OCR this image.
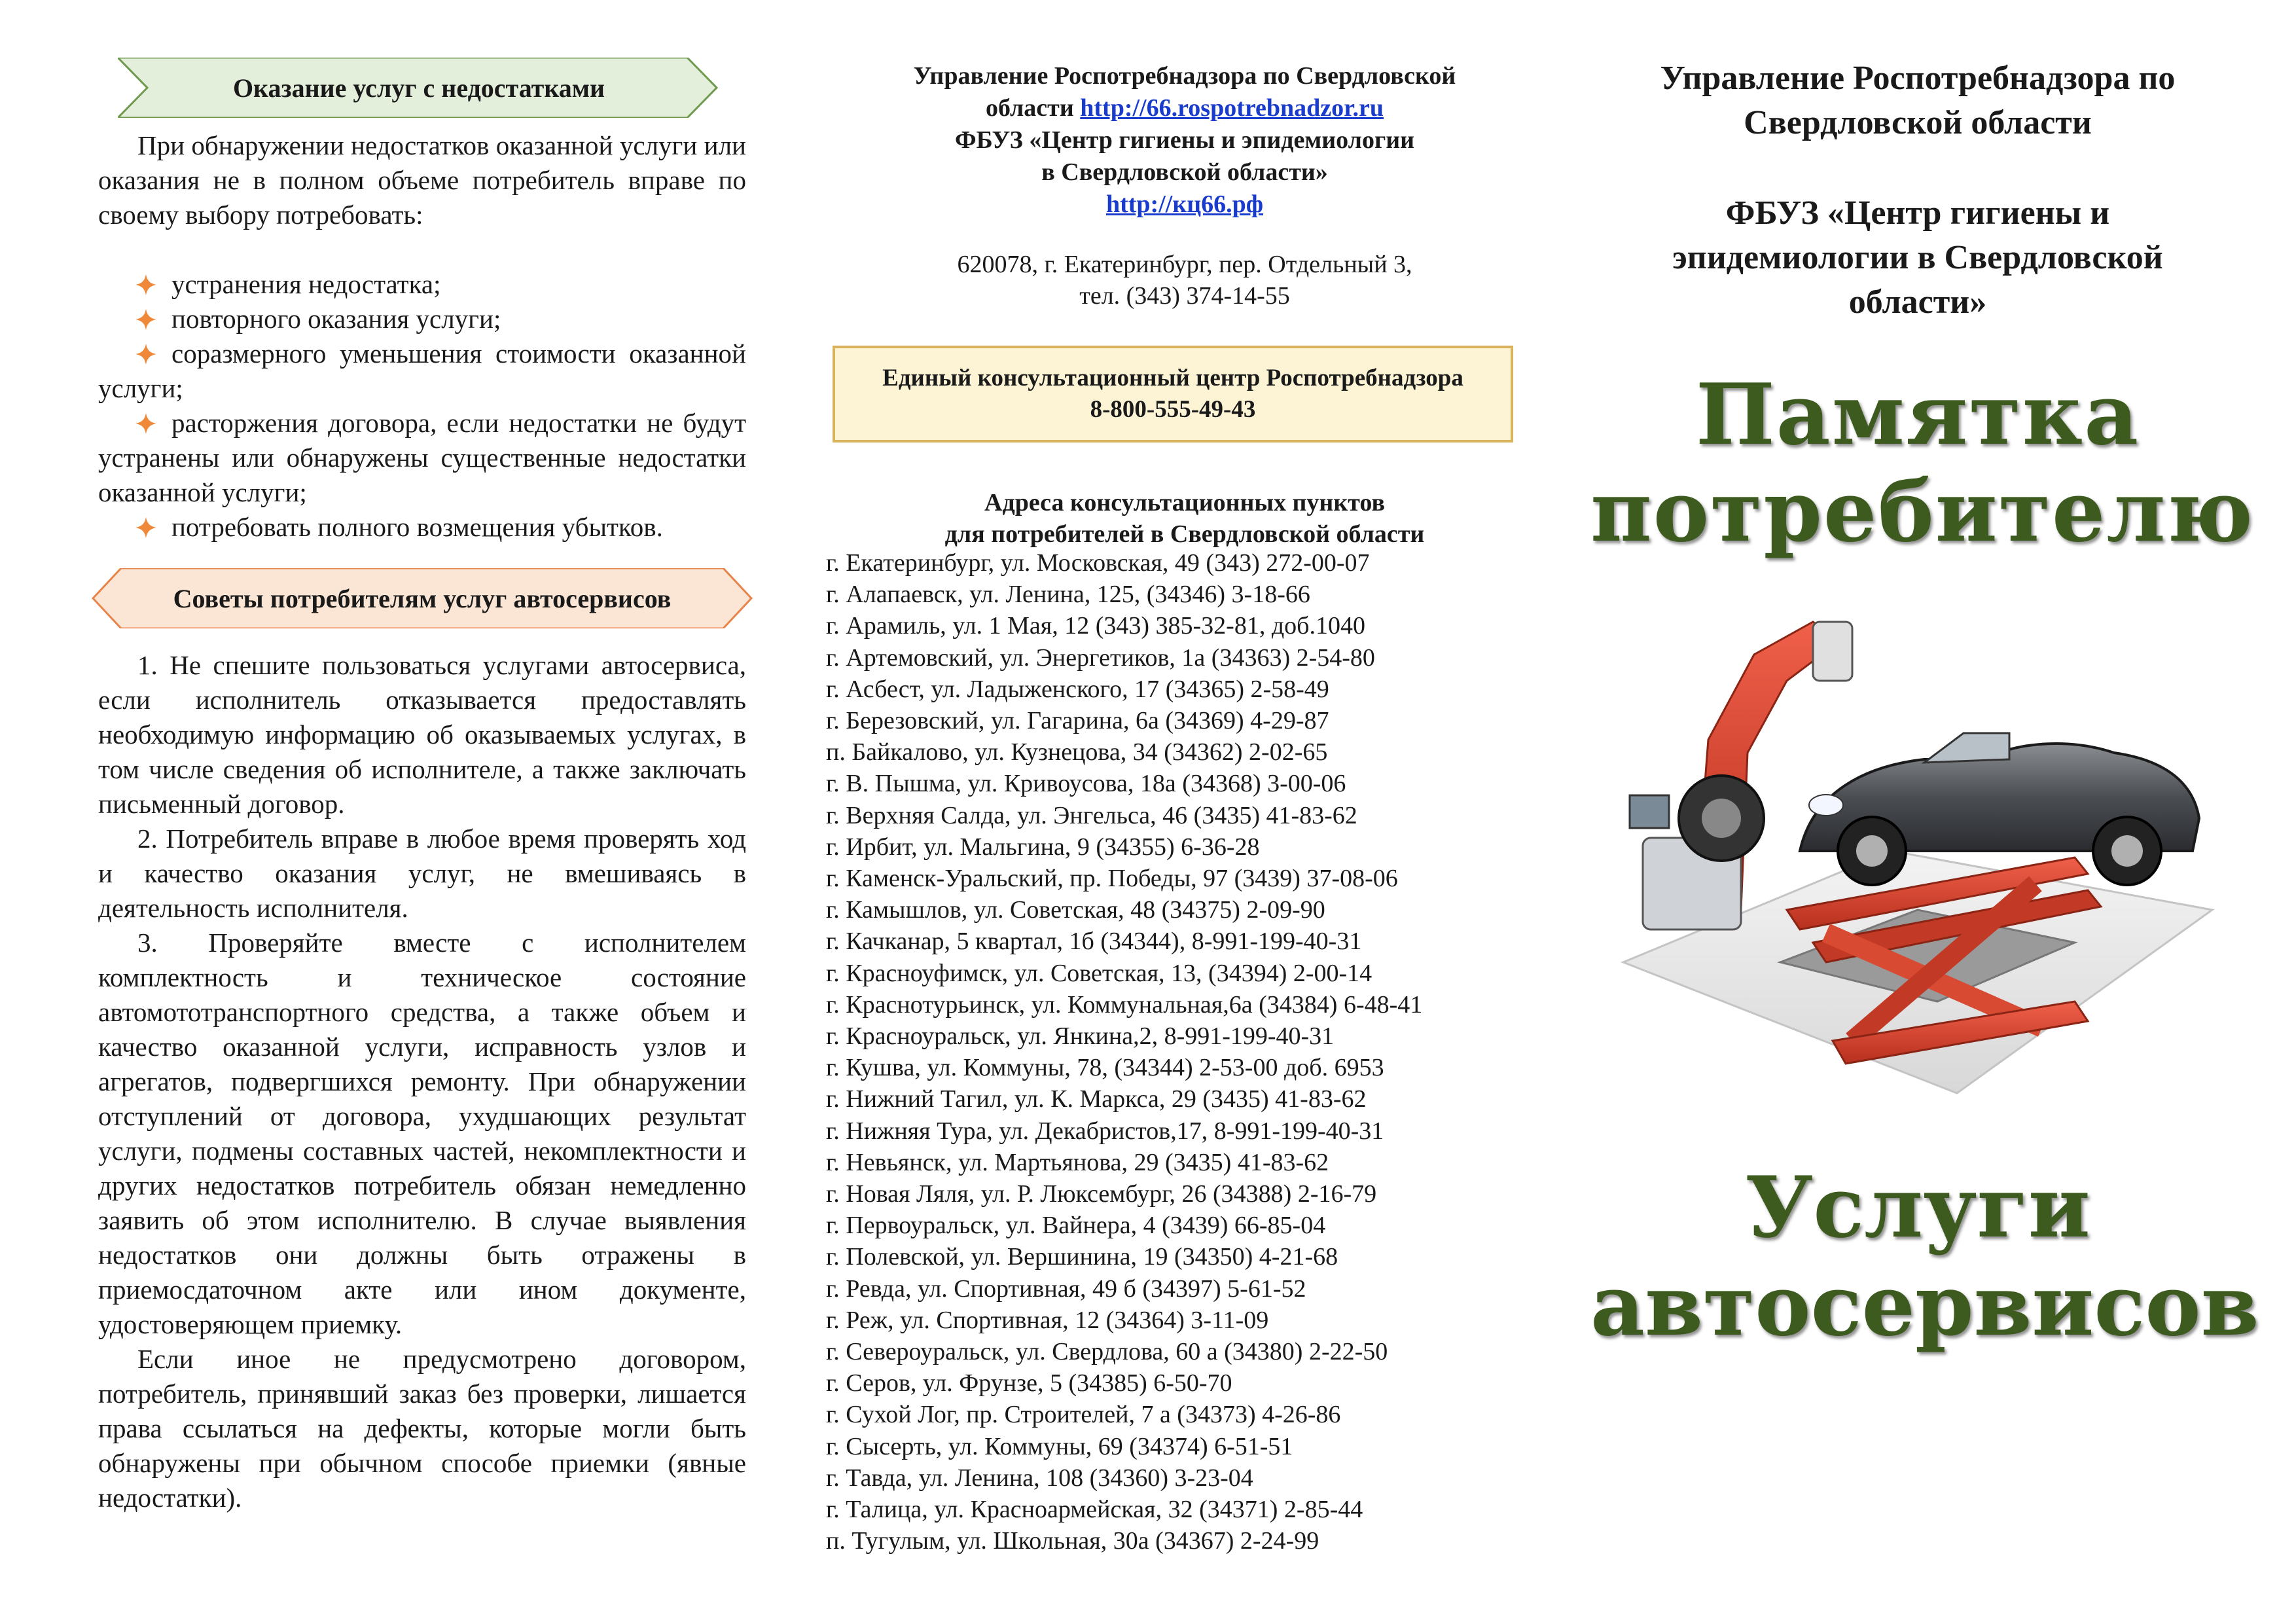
Оказание услуг с недостатками

При обнаружении недостатков оказанной услуги или оказания не в полном объеме потребитель вправе по своему выбору потребовать:

устранения недостатка;
повторного оказания услуги;
соразмерного уменьшения стоимости оказанной услуги;
расторжения договора, если недостатки не будут устранены или обнаружены существенные недостатки оказанной услуги;
потребовать полного возмещения убытков.
Советы потребителям услуг автосервисов

1. Не спешите пользоваться услугами автосервиса, если исполнитель отказывается предоставлять необходимую информацию об оказываемых услугах, в том числе сведения об исполнителе, а также заключать письменный договор.

2. Потребитель вправе в любое время проверять ход и качество оказания услуг, не вмешиваясь в деятельность исполнителя.

3. Проверяйте вместе с исполнителем комплектность и техническое состояние автомототранспортного средства, а также объем и качество оказанной услуги, исправность узлов и агрегатов, подвергшихся ремонту. При обнаружении отступлений от договора, ухудшающих результат услуги, подмены составных частей, некомплектности и других недостатков потребитель обязан немедленно заявить об этом исполнителю. В случае выявления недостатков они должны быть отражены в приемосдаточном акте или ином документе, удостоверяющем приемку.

Если иное не предусмотрено договором, потребитель, принявший заказ без проверки, лишается права ссылаться на дефекты, которые могли быть обнаружены при обычном способе приемки (явные недостатки).

Управление Роспотребнадзора по Свердловской
области http://66.rospotrebnadzor.ru
ФБУЗ «Центр гигиены и эпидемиологии
в Свердловской области»
http://кц66.рф
620078, г. Екатеринбург, пер. Отдельный 3,
тел. (343) 374-14-55
Единый консультационный центр Роспотребнадзора
8-800-555-49-43
Адреса консультационных пунктов
для потребителей в Свердловской области
г. Екатеринбург, ул. Московская, 49 (343) 272-00-07
г. Алапаевск, ул. Ленина, 125, (34346) 3-18-66
г. Арамиль, ул. 1 Мая, 12 (343) 385-32-81, доб.1040
г. Артемовский, ул. Энергетиков, 1а (34363) 2-54-80
г. Асбест, ул. Ладыженского, 17 (34365) 2-58-49
г. Березовский, ул. Гагарина, 6а (34369) 4-29-87
п. Байкалово, ул. Кузнецова, 34 (34362) 2-02-65
г. В. Пышма, ул. Кривоусова, 18а (34368) 3-00-06
г. Верхняя Салда, ул. Энгельса, 46 (3435) 41-83-62
г. Ирбит, ул. Мальгина, 9 (34355) 6-36-28
г. Каменск-Уральский, пр. Победы, 97 (3439) 37-08-06
г. Камышлов, ул. Советская, 48 (34375) 2-09-90
г. Качканар, 5 квартал, 1б (34344), 8-991-199-40-31
г. Красноуфимск, ул. Советская, 13, (34394) 2-00-14
г. Краснотурьинск, ул. Коммунальная,6а (34384) 6-48-41
г. Красноуральск, ул. Янкина,2, 8-991-199-40-31
г. Кушва, ул. Коммуны, 78, (34344) 2-53-00 доб. 6953
г. Нижний Тагил, ул. К. Маркса, 29 (3435) 41-83-62
г. Нижняя Тура, ул. Декабристов,17, 8-991-199-40-31
г. Невьянск, ул. Мартьянова, 29 (3435) 41-83-62
г. Новая Ляля, ул. Р. Люксембург, 26 (34388) 2-16-79
г. Первоуральск, ул. Вайнера, 4 (3439) 66-85-04
г. Полевской, ул. Вершинина, 19 (34350) 4-21-68
г. Ревда, ул. Спортивная, 49 б (34397) 5-61-52
г. Реж, ул. Спортивная, 12 (34364) 3-11-09
г. Североуральск, ул. Свердлова, 60 а (34380) 2-22-50
г. Серов, ул. Фрунзе, 5 (34385) 6-50-70
г. Сухой Лог, пр. Строителей, 7 а (34373) 4-26-86
г. Сысерть, ул. Коммуны, 69 (34374) 6-51-51
г. Тавда, ул. Ленина, 108 (34360) 3-23-04
г. Талица, ул. Красноармейская, 32 (34371) 2-85-44
п. Тугулым, ул. Школьная, 30а (34367) 2-24-99
Управление Роспотребнадзора по
Свердловской области
ФБУЗ «Центр гигиены и
эпидемиологии в Свердловской
области»
Памятка
потребителю
Услуги
автосервисов
